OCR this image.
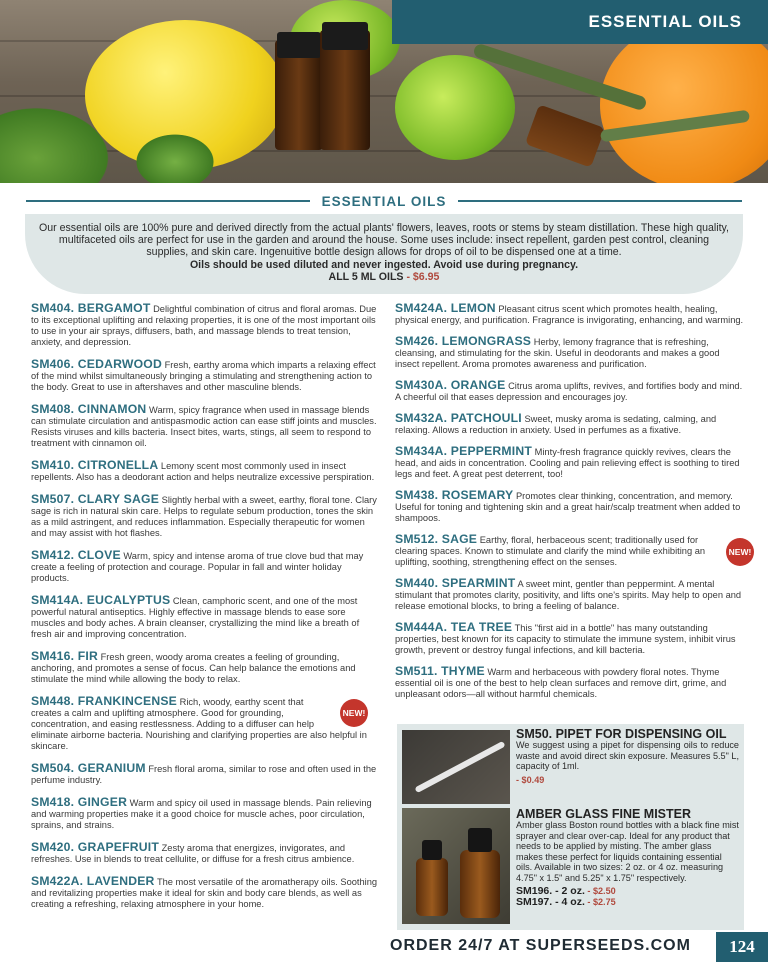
ESSENTIAL OILS
ESSENTIAL OILS

Our essential oils are 100% pure and derived directly from the actual plants' flowers, leaves, roots or stems by steam distillation. These high quality, multifaceted oils are perfect for use in the garden and around the house. Some uses include: insect repellent, garden pest control, cleaning supplies, and skin care. Ingenuitive bottle design allows for drops of oil to be dispensed one at a time.

Oils should be used diluted and never ingested. Avoid use during pregnancy.

ALL 5 ML OILS - $6.95

SM404. BERGAMOT Delightful combination of citrus and floral aromas. Due to its exceptional uplifting and relaxing properties, it is one of the most important oils to use in your air sprays, diffusers, bath, and massage blends to treat tension, anxiety, and depression.
SM406. CEDARWOOD Fresh, earthy aroma which imparts a relaxing effect of the mind whilst simultaneously bringing a stimulating and strengthening action to the body. Great to use in aftershaves and other masculine blends.
SM408. CINNAMON Warm, spicy fragrance when used in massage blends can stimulate circulation and antispasmodic action can ease stiff joints and muscles. Resists viruses and kills bacteria. Insect bites, warts, stings, all seem to respond to treatment with cinnamon oil.
SM410. CITRONELLA Lemony scent most commonly used in insect repellents. Also has a deodorant action and helps neutralize excessive perspiration.
SM507. CLARY SAGE Slightly herbal with a sweet, earthy, floral tone. Clary sage is rich in natural skin care. Helps to regulate sebum production, tones the skin as a mild astringent, and reduces inflammation. Especially therapeutic for women and may assist with hot flashes.
SM412. CLOVE Warm, spicy and intense aroma of true clove bud that may create a feeling of protection and courage. Popular in fall and winter holiday products.
SM414A. EUCALYPTUS Clean, camphoric scent, and one of the most powerful natural antiseptics. Highly effective in massage blends to ease sore muscles and body aches. A brain cleanser, crystallizing the mind like a breath of fresh air and improving concentration.
SM416. FIR Fresh green, woody aroma creates a feeling of grounding, anchoring, and promotes a sense of focus. Can help balance the emotions and stimulate the mind while allowing the body to relax.
SM448. FRANKINCENSE Rich, woody, earthy scent that creates a calm and uplifting atmosphere. Good for grounding, concentration, and easing restlessness. Adding to a diffuser can help eliminate airborne bacteria. Nourishing and clarifying properties are also helpful in skincare.
NEW!
SM504. GERANIUM Fresh floral aroma, similar to rose and often used in the perfume industry.
SM418. GINGER Warm and spicy oil used in massage blends. Pain relieving and warming properties make it a good choice for muscle aches, poor circulation, sprains, and strains.
SM420. GRAPEFRUIT Zesty aroma that energizes, invigorates, and refreshes. Use in blends to treat cellulite, or diffuse for a fresh citrus ambience.
SM422A. LAVENDER The most versatile of the aromatherapy oils. Soothing and revitalizing properties make it ideal for skin and body care blends, as well as creating a refreshing, relaxing atmosphere in your home.
SM424A. LEMON Pleasant citrus scent which promotes health, healing, physical energy, and purification. Fragrance is invigorating, enhancing, and warming.
SM426. LEMONGRASS Herby, lemony fragrance that is refreshing, cleansing, and stimulating for the skin. Useful in deodorants and makes a good insect repellent. Aroma promotes awareness and purification.
SM430A. ORANGE Citrus aroma uplifts, revives, and fortifies body and mind. A cheerful oil that eases depression and encourages joy.
SM432A. PATCHOULI Sweet, musky aroma is sedating, calming, and relaxing. Allows a reduction in anxiety. Used in perfumes as a fixative.
SM434A. PEPPERMINT Minty-fresh fragrance quickly revives, clears the head, and aids in concentration. Cooling and pain relieving effect is soothing to tired legs and feet. A great pest deterrent, too!
SM438. ROSEMARY Promotes clear thinking, concentration, and memory. Useful for toning and tightening skin and a great hair/scalp treatment when added to shampoos.
SM512. SAGE Earthy, floral, herbaceous scent; traditionally used for clearing spaces. Known to stimulate and clarify the mind while exhibiting an uplifting, soothing, strengthening effect on the senses.
NEW!
SM440. SPEARMINT A sweet mint, gentler than peppermint. A mental stimulant that promotes clarity, positivity, and lifts one's spirits. May help to open and release emotional blocks, to bring a feeling of balance.
SM444A. TEA TREE This "first aid in a bottle" has many outstanding properties, best known for its capacity to stimulate the immune system, inhibit virus growth, prevent or destroy fungal infections, and kill bacteria.
SM511. THYME Warm and herbaceous with powdery floral notes. Thyme essential oil is one of the best to help clean surfaces and remove dirt, grime, and unpleasant odors—all without harmful chemicals.
SM50. PIPET FOR DISPENSING OIL
We suggest using a pipet for dispensing oils to reduce waste and avoid direct skin exposure. Measures 5.5" L, capacity of 1ml.
- $0.49
AMBER GLASS FINE MISTER
Amber glass Boston round bottles with a black fine mist sprayer and clear over-cap. Ideal for any product that needs to be applied by misting. The amber glass makes these perfect for liquids containing essential oils. Available in two sizes: 2 oz. or 4 oz. measuring 4.75" x 1.5" and 5.25" x 1.75" respectively.
SM196. - 2 oz. - $2.50
SM197. - 4 oz. - $2.75
ORDER 24/7 AT SUPERSEEDS.COM	124
